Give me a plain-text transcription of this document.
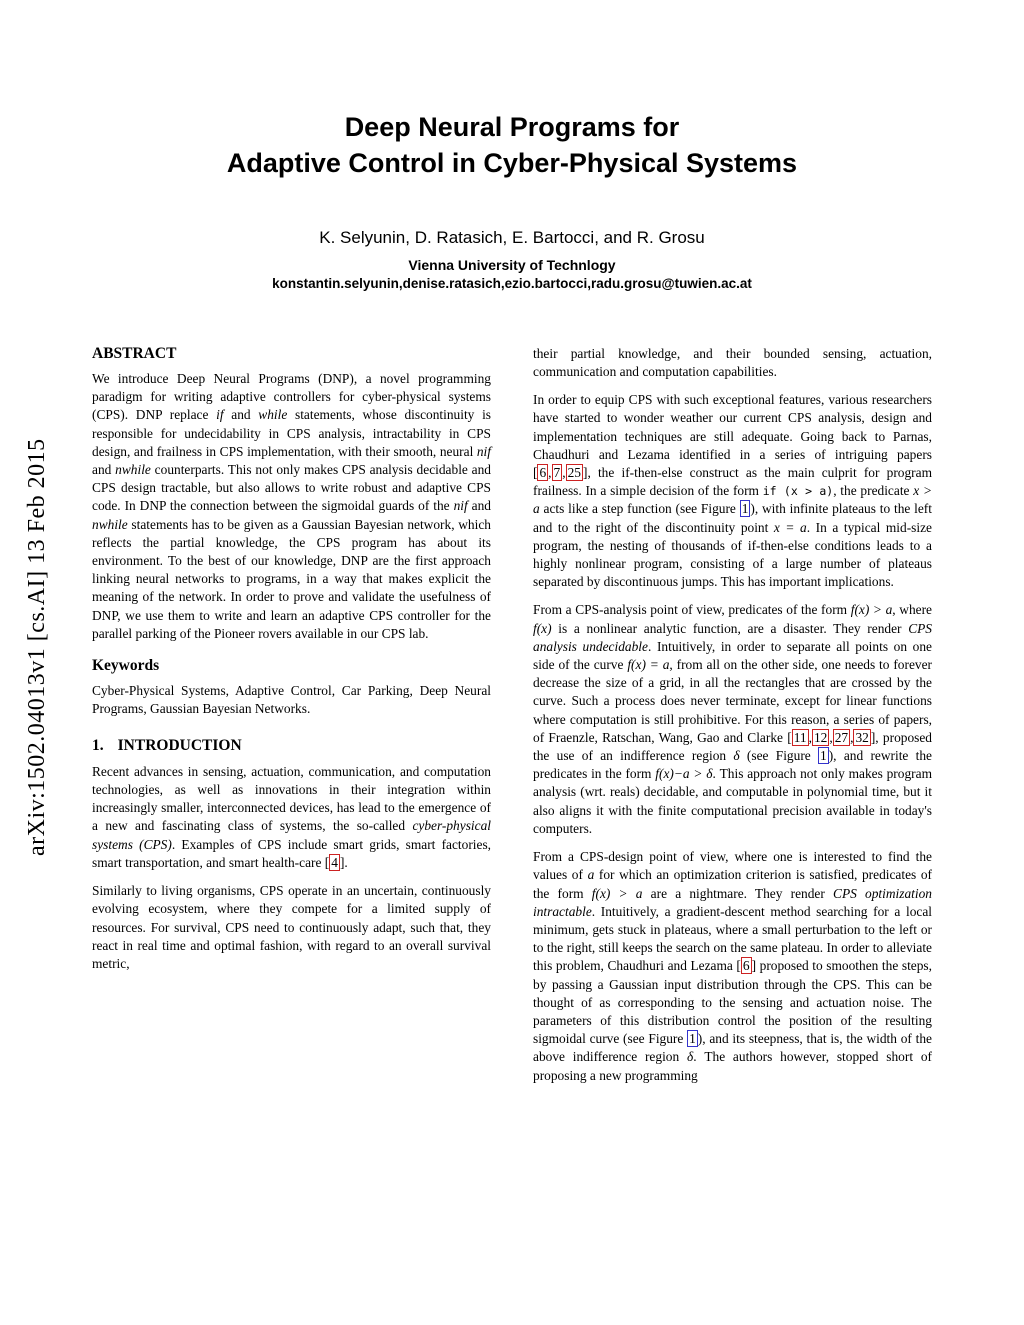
arXiv:1502.04013v1 [cs.AI] 13 Feb 2015
Deep Neural Programs for
Adaptive Control in Cyber-Physical Systems
K. Selyunin, D. Ratasich, E. Bartocci, and R. Grosu
Vienna University of Technlogy
konstantin.selyunin,denise.ratasich,ezio.bartocci,radu.grosu@tuwien.ac.at
ABSTRACT

We introduce Deep Neural Programs (DNP), a novel programming paradigm for writing adaptive controllers for cyber-physical systems (CPS). DNP replace if and while statements, whose discontinuity is responsible for undecidability in CPS analysis, intractability in CPS design, and frailness in CPS implementation, with their smooth, neural nif and nwhile counterparts. This not only makes CPS analysis decidable and CPS design tractable, but also allows to write robust and adaptive CPS code. In DNP the connection between the sigmoidal guards of the nif and nwhile statements has to be given as a Gaussian Bayesian network, which reflects the partial knowledge, the CPS program has about its environment. To the best of our knowledge, DNP are the first approach linking neural networks to programs, in a way that makes explicit the meaning of the network. In order to prove and validate the usefulness of DNP, we use them to write and learn an adaptive CPS controller for the parallel parking of the Pioneer rovers available in our CPS lab.

Keywords

Cyber-Physical Systems, Adaptive Control, Car Parking, Deep Neural Programs, Gaussian Bayesian Networks.

1. INTRODUCTION

Recent advances in sensing, actuation, communication, and computation technologies, as well as innovations in their integration within increasingly smaller, interconnected devices, has lead to the emergence of a new and fascinating class of systems, the so-called cyber-physical systems (CPS). Examples of CPS include smart grids, smart factories, smart transportation, and smart health-care [ 4 ].

Similarly to living organisms, CPS operate in an uncertain, continuously evolving ecosystem, where they compete for a limited supply of resources. For survival, CPS need to continuously adapt, such that, they react in real time and optimal fashion, with regard to an overall survival metric,

their partial knowledge, and their bounded sensing, actuation, communication and computation capabilities.

In order to equip CPS with such exceptional features, various researchers have started to wonder weather our current CPS analysis, design and implementation techniques are still adequate. Going back to Parnas, Chaudhuri and Lezama identified in a series of intriguing papers [ 6 , 7 , 25 ], the if-then-else construct as the main culprit for program frailness. In a simple decision of the form if (x > a), the predicate x > a acts like a step function (see Figure 1 ), with infinite plateaus to the left and to the right of the discontinuity point x = a. In a typical mid-size program, the nesting of thousands of if-then-else conditions leads to a highly nonlinear program, consisting of a large number of plateaus separated by discontinuous jumps. This has important implications.

From a CPS-analysis point of view, predicates of the form f(x) > a, where f(x) is a nonlinear analytic function, are a disaster. They render CPS analysis undecidable. Intuitively, in order to separate all points on one side of the curve f(x) = a, from all on the other side, one needs to forever decrease the size of a grid, in all the rectangles that are crossed by the curve. Such a process does never terminate, except for linear functions where computation is still prohibitive. For this reason, a series of papers, of Fraenzle, Ratschan, Wang, Gao and Clarke [ 11 , 12 , 27 , 32 ], proposed the use of an indifference region δ (see Figure 1 ), and rewrite the predicates in the form f(x)−a > δ. This approach not only makes program analysis (wrt. reals) decidable, and computable in polynomial time, but it also aligns it with the finite computational precision available in today's computers.

From a CPS-design point of view, where one is interested to find the values of a for which an optimization criterion is satisfied, predicates of the form f(x) > a are a nightmare. They render CPS optimization intractable. Intuitively, a gradient-descent method searching for a local minimum, gets stuck in plateaus, where a small perturbation to the left or to the right, still keeps the search on the same plateau. In order to alleviate this problem, Chaudhuri and Lezama [ 6 ] proposed to smoothen the steps, by passing a Gaussian input distribution through the CPS. This can be thought of as corresponding to the sensing and actuation noise. The parameters of this distribution control the position of the resulting sigmoidal curve (see Figure 1 ), and its steepness, that is, the width of the above indifference region δ. The authors however, stopped short of proposing a new programming
